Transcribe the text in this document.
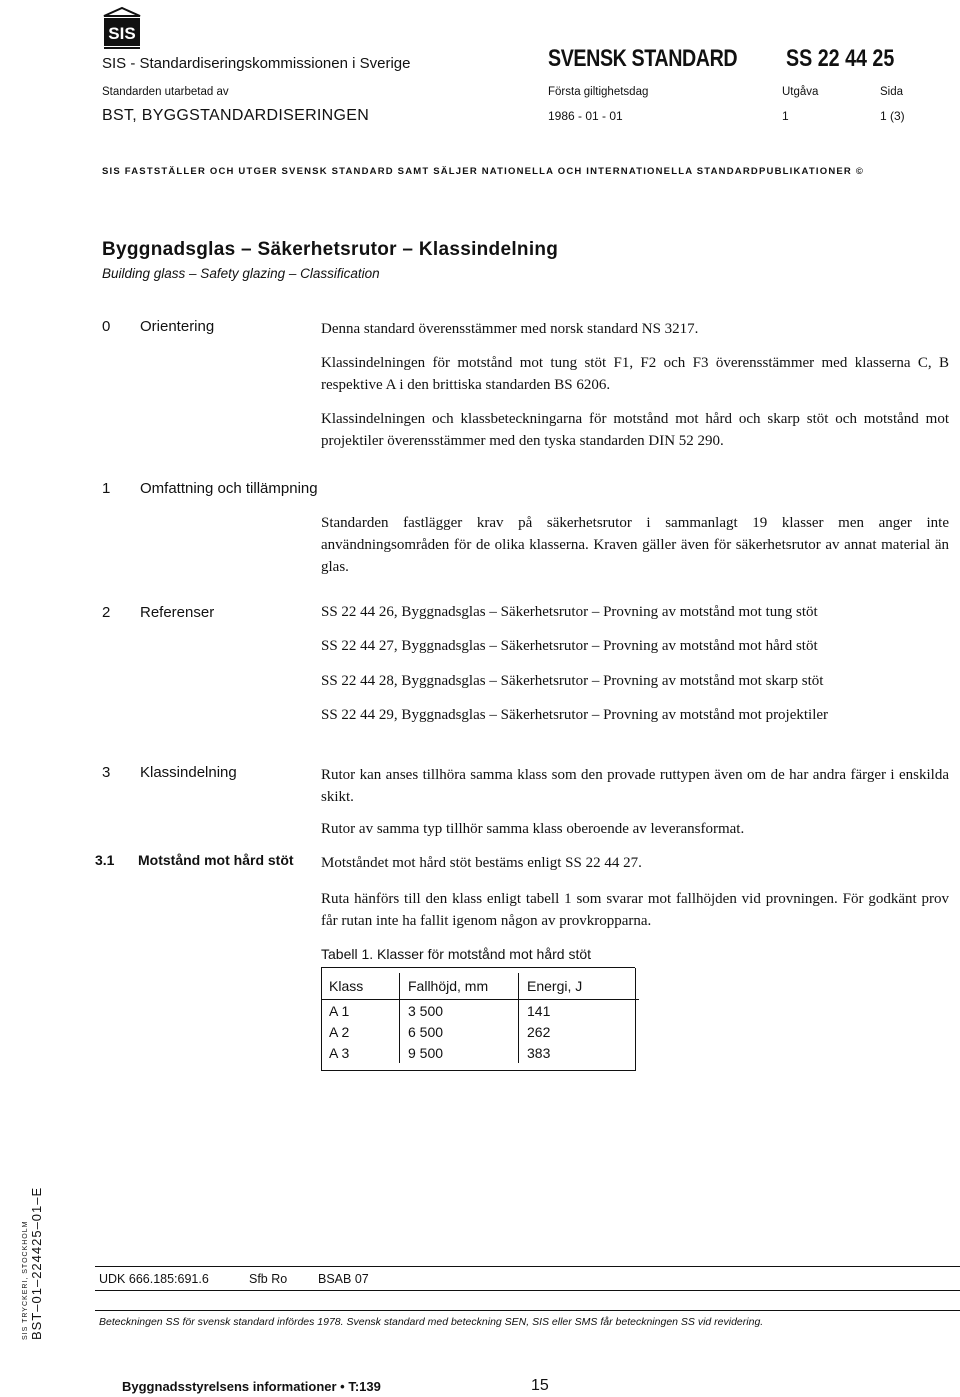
SIS
SIS - Standardiseringskommissionen i Sverige	SVENSK STANDARD SS 22 44 25
Standarden utarbetad av	Första giltighetsdag	Utgåva	Sida
BST, BYGGSTANDARDISERINGEN	1986 - 01 - 01	1	1 (3)
SIS FASTSTÄLLER OCH UTGER SVENSK STANDARD SAMT SÄLJER NATIONELLA OCH INTERNATIONELLA STANDARDPUBLIKATIONER ©
Byggnadsglas – Säkerhetsrutor – Klassindelning
Building glass – Safety glazing – Classification
0 Orientering	Denna standard överensstämmer med norsk standard NS 3217.
Klassindelningen för motstånd mot tung stöt F1, F2 och F3 överensstämmer med klasserna C, B respektive A i den brittiska standarden BS 6206.
Klassindelningen och klassbeteckningarna för motstånd mot hård och skarp stöt och motstånd mot projektiler överensstämmer med den tyska standarden DIN 52 290.
1 Omfattning och tillämpning
Standarden fastlägger krav på säkerhetsrutor i sammanlagt 19 klasser men anger inte användningsområden för de olika klasserna. Kraven gäller även för säkerhetsrutor av annat material än glas.
2 Referenser	SS 22 44 26, Byggnadsglas – Säkerhetsrutor – Provning av motstånd mot tung stöt
SS 22 44 27, Byggnadsglas – Säkerhetsrutor – Provning av motstånd mot hård stöt
SS 22 44 28, Byggnadsglas – Säkerhetsrutor – Provning av motstånd mot skarp stöt
SS 22 44 29, Byggnadsglas – Säkerhetsrutor – Provning av motstånd mot projektiler
3 Klassindelning	Rutor kan anses tillhöra samma klass som den provade ruttypen även om de har andra färger i enskilda skikt.
Rutor av samma typ tillhör samma klass oberoende av leveransformat.
3.1 Motstånd mot hård stöt Motståndet mot hård stöt bestäms enligt SS 22 44 27.
Ruta hänförs till den klass enligt tabell 1 som svarar mot fallhöjden vid provningen. För godkänt prov får rutan inte ha fallit igenom någon av provkropparna.
Tabell 1. Klasser för motstånd mot hård stöt
Klass	Fallhöjd, mm	Energi, J
A 1	3 500	141
A 2	6 500	262
A 3	9 500	383
SIS TRYCKERI, STOCKHOLM BST–01–224425–01–E	UDK 666.185:691.6	Sfb Ro BSAB 07
Beteckningen SS för svensk standard infördes 1978. Svensk standard med beteckning SEN, SIS eller SMS får beteckningen SS vid revidering.
Byggnadsstyrelsens informationer • T:139	15
